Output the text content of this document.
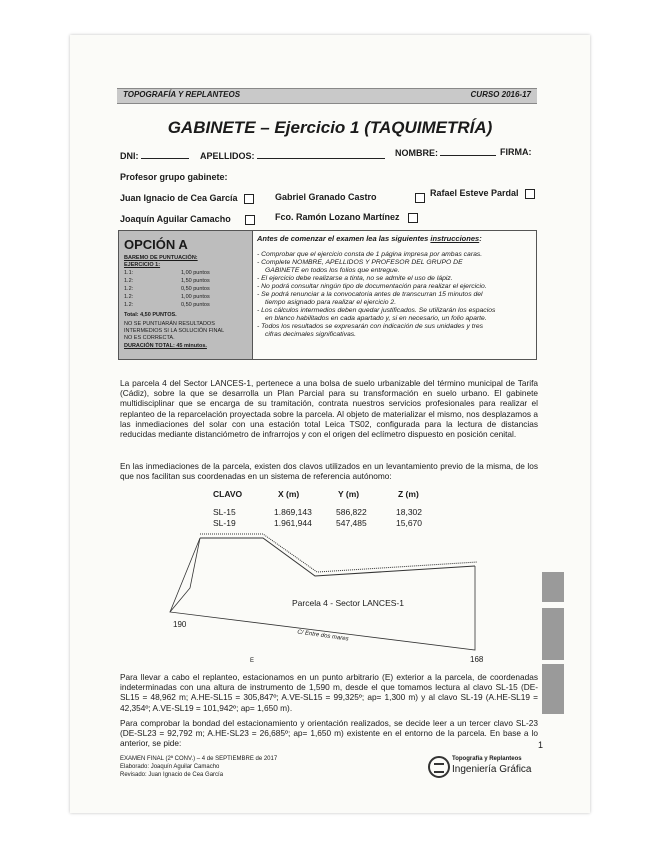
TOPOGRAFÍA Y REPLANTEOS	CURSO 2016-17
GABINETE – Ejercicio 1 (TAQUIMETRÍA)
DNI:	APELLIDOS:	NOMBRE:	FIRMA:
Profesor grupo gabinete:
Juan Ignacio de Cea García	Gabriel Granado Castro	Rafael Esteve Pardal
Joaquín Aguilar Camacho	Fco. Ramón Lozano Martínez
OPCIÓN A
BAREMO DE PUNTUACIÓN:
EJERCICIO 1:
1.1:	1,00 puntos
1.2:	1,50 puntos
1.2:	0,50 puntos
1.2:	1,00 puntos
1.2:	0,50 puntos
Total: 4,50 PUNTOS.
NO SE PUNTUARÁN RESULTADOS
INTERMEDIOS SI LA SOLUCIÓN FINAL
NO ES CORRECTA.
DURACIÓN TOTAL: 45 minutos.
Antes de comenzar el examen lea las siguientes instrucciones:
- Comprobar que el ejercicio consta de 1 página impresa por ambas caras.
- Complete NOMBRE, APELLIDOS Y PROFESOR DEL GRUPO DE
GABINETE en todos los folios que entregue.
- El ejercicio debe realizarse a tinta, no se admite el uso de lápiz.
- No podrá consultar ningún tipo de documentación para realizar el ejercicio.
- Se podrá renunciar a la convocatoria antes de transcurran 15 minutos del
tiempo asignado para realizar el ejercicio 2.
- Los cálculos intermedios deben quedar justificados. Se utilizarán los espacios
en blanco habilitados en cada apartado y, si en necesario, un folio aparte.
- Todos los resultados se expresarán con indicación de sus unidades y tres
cifras decimales significativas.
La parcela 4 del Sector LANCES-1, pertenece a una bolsa de suelo urbanizable del término municipal de Tarifa (Cádiz), sobre la que se desarrolla un Plan Parcial para su transformación en suelo urbano. El gabinete multidisciplinar que se encarga de su tramitación, contrata nuestros servicios profesionales para realizar el replanteo de la reparcelación proyectada sobre la parcela. Al objeto de materializar el mismo, nos desplazamos a las inmediaciones del solar con una estación total Leica TS02, configurada para la lectura de distancias reducidas mediante distanciómetro de infrarrojos y con el origen del eclímetro dispuesto en posición cenital.
En las inmediaciones de la parcela, existen dos clavos utilizados en un levantamiento previo de la misma, de los que nos facilitan sus coordenadas en un sistema de referencia autónomo:
CLAVO	X (m)	Y (m)	Z (m)
SL-15	1.869,143	586,822	18,302
SL-19	1.961,944	547,485	15,670
Parcela 4 - Sector LANCES-1
C/ Entre dos mares
190
168
E
Para llevar a cabo el replanteo, estacionamos en un punto arbitrario (E) exterior a la parcela, de coordenadas indeterminadas con una altura de instrumento de 1,590 m, desde el que tomamos lectura al clavo SL-15 (DE-SL15 = 48,962 m; A.HE-SL15 = 305,847º; A.VE-SL15 = 99,325º; ap= 1,300 m) y al clavo SL-19 (A.HE-SL19 = 42,354º; A.VE-SL19 = 101,942º; ap= 1,650 m).
Para comprobar la bondad del estacionamiento y orientación realizados, se decide leer a un tercer clavo SL-23 (DE-SL23 = 92,792 m; A.HE-SL23 = 26,685º; ap= 1,650 m) existente en el entorno de la parcela. En base a lo anterior, se pide:	1
EXAMEN FINAL (2ª CONV.) – 4 de SEPTIEMBRE de 2017
Elaborado: Joaquín Aguilar Camacho
Revisado: Juan Ignacio de Cea García
Topografía y Replanteos
Ingeniería Gráfica
